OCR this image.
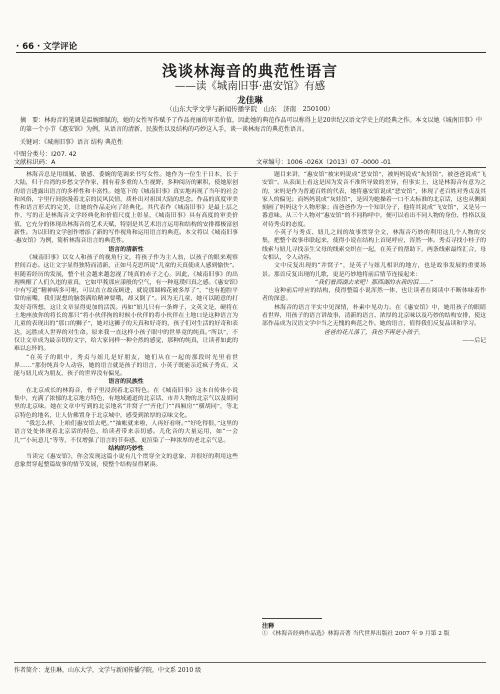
· 66 · 文学评论
浅谈林海音的典范性语言
——读《城南旧事·惠安馆》有感
龙佳琳
（山东大学文学与新闻传播学院　山东　济南　250100）
摘　要：林海音的笔调是温婉细腻的，她的女性写作赋予了作品亮丽的审美价值，因此她的典范作品可以称得上是20世纪汉语文学史上的经典之作。本文以她《城南旧事》中的第一个小节《惠安馆》为例，从语言的清新、民族性以及结构的巧妙这入手，谈一谈林海音的典范性语言。
关键词：《城南旧事》语言 结构 典范性
中图分类号：I207. 42
文献标识码：A	文章编号：1006 -026X（2013）07 -0000 -01

林海音总是用细腻、敏感、委婉的笔调来书写女性。她作为一位生于日本，长于大陆，归于台湾的乡愁文学作家，拥有着多重的人生视野，多种阅历的累积，使她原创的语言透露出语言的多样性和丰富性。她笔下的《城南旧事》真实地再现了当年的社会和风俗，字里行间弥漫着北京的民风民情，质朴出对祖国大陆的思念。作品的真度审美性和语言形式的完美，让她的作品走向了经典化。其代表作《城南旧事》是最上层之作，写的正是林海音文学经典化和价值尺度上彰显，《城南旧事》具有高度的审美价值，它充分的体现出林海音的艺术天赋，特别是其艺术语言运用和结构的安排都极富创新性。为以旧的文学创作增添了新的写作视角和运用语言的典范。本文将以《城南旧事·惠安馆》为例，简析林海音语言的典范性。

语言的清新性

《城南旧事》以女人和孩子的视角行文，将孩子作为主人翁，以孩子的眼来观察世间百态。这让文字显得独特而清新，正如马克思所说“儿童的天真使成人感到愉快”。但随着经历的发展，整个社会越来越忽视了纯真的赤子之心。因此，《城南旧事》的出现唤醒了人们久违的童真，它如甲莪那应漾般的空气，有一种返璞归真之感。《惠安馆》中有写道“精神病多可啦，可以直立故夜顾进，就说那圆棉花被多厚了”，“也有抱腔平常的前嘴，我们说想的脑袋满给精神要哦，却又倒了”。因为无几童，她可以随意的打发好奇所想，这让文章显得更加的活泼。再如“妞儿只有一条辫子，文英文是，硬将在土地座放你的将长的那只“将小伙伴拘的时候小伙伴的将小伙伴在土地口是这种语言为儿童的表现出的“那口的狮子”，她对这狮子的天真和好奇的，孩子们对生活的好奇和表达，远胜成人世界的对生命。原来我一直这样小孩子眼中的世界竟的纯真。”所以”，不仅让文章成为最亲切的文字，给大家同样一种全然的感觉，那种的纯真，让读者如此的难以忘怀的。

“在英子的眼中，秀贞与妞儿是好朋友，她们从在一起的那段时光里看世界……”那份纯真令人动容，她的语言就是孩子的语言，小英子既能亲近疯子秀贞，又能与妞儿成为朋友，孩子的世界没有偏见。

语言的民族性

在北京成长的林海音，骨子里浸润着北京特色。在《城南旧事》这本自传体小说集中，充满了浓郁的北京地方特色，有地域通道的北京话、市井人物的北京气以及胡同里的北京味。她在文章中写到的北京地名“井窝子”“齐化门”“西厢房”“横胡同”，等北京特色的地名，让人仿佛置身于北京城中，感受到浓厚的京味文化。

“我怎么样，上咱们惠安馆去吧。”“抽帐就来啦，人再好看呀。”“好吃得很，”这里的语言处处体现着北京话的特色，给读者带来亲切感。儿化音的大量运用，如“一会儿”“小玩意儿”等等，不仅增强了语言的节奏感，更渲染了一种浓厚的老北京气息。

结构的巧妙性

当读完《惠安馆》，你会发现这篇小说有几个贯穿全文的意象，并很好的利用这些意象贯穿起整篇故事的情节发展，使整个结构显得紧凑。

题目来讲，“惠安馆”被宋妈说成“恶安馆”，被妈妈说成“灰娃馆”，被爸爸说成“飞安馆”。从表面上看这是因为发音不准所导致的差异，但事实上，这是林海音有意为之的，宋妈是作为普通百姓的代表，她将惠安馆说成“恶安馆”，体现了老百姓对秀贞及其家人的偏见；而妈妈说成“灰娃馆”，是因为她操着一口不太标准的北京话，这也从侧面刻画了妈妈这个人物形象；而爸爸作为一个知识分子，他将其说成“飞安馆”，又是另一番意味。从三个人物对“惠安馆”的不同称呼中，便可以看出不同人物的身份、性格以及对待秀贞的态度。

小英子与秀贞、妞儿之间的故事贯穿全文，林海音巧妙的利用这几个人物的交集，把整个故事串联起来，使得小说在结构上首尾呼应，浑然一体。秀贞寻找小桂子的线索与妞儿寻找亲生父母的线索交织在一起，在英子的帮助下，两条线索最终汇合，母女相认，令人动容。

文中反复出现的“井窝子”，是英子与妞儿相识的地方，也是故事发展的重要场景。那首反复出现的儿歌，更是巧妙地将前后情节连接起来：

“我们看西湖去来吧！那西湖的水我的泪……”

这种前后呼应的结构，使得整篇小说浑然一体，也让读者在阅读中不断体味着作者的深意。

林海音的语言平实中见深情，朴素中见功力。在《惠安馆》中，她用孩子的眼睛看世界，用孩子的语言讲故事，清新的语言、浓厚的北京味以及巧妙的结构安排，使这部作品成为汉语文学中当之无愧的典范之作。她的语言，值得我们反复品读和学习。

爸爸的花儿落了，我也不再是小孩子。

——后记

注释
① 《林海音经典作品选》林海音著 当代世界出版社 2007 年 9 月第 2 版
作者简介：龙佳琳，山东大学，文学与新闻传播学院，中文系 2010 级
